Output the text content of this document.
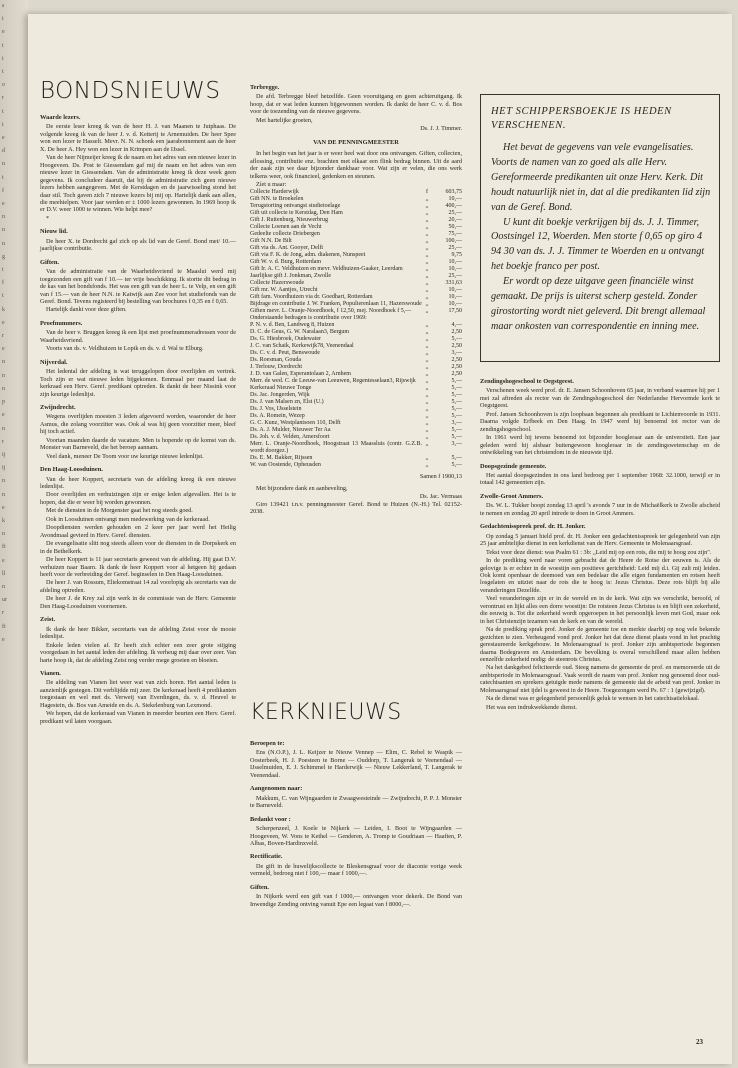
s
t
e
t
t
t
o
r
t
t
e
d
n
t
f
e
n
n
n
g
t
f
t
k
e
r
e
n
n
n
p
e
n
r
ij
ij
n
n
e
k
n
ft
e
ll
n
ur
r
ft
e
BONDSNIEUWS
Waarde lezers.

De eerste leser kreeg ik van de heer H. J. van Maanen te Jutphaas. De volgende kreeg ik van de heer J. v. d. Ketterij te Arnemuiden. De heer Spee won een lezer te Hasselt. Mevr. N. N. schonk een jaarabonnement aan de heer X. De heer A. Hey won een lezer in Krimpen aan de IJssel.

Van de heer Nijmeijer kreeg ik de naam en het adres van een nieuwe lezer in Hoogeveen. Ds. Post te Giessendam gaf mij de naam en het adres van een nieuwe lezer in Giessendam. Van de administratie kreeg ik deze week geen gegevens. Ik concludeer daaruit, dat bij de administratie zich geen nieuwe lezers hebben aangegeven. Met de Kerstdagen en de jaarwisseling stond het daar stil. Toch gaven zich 7 nieuwe lezers bij mij op. Hartelijk dank aan allen, die meehielpen. Voor jaar werden er ± 1000 lezers gewonnen. In 1969 hoop ik er D.V. weer 1000 te winnen. Wie helpt mee?

*

Nieuw lid.

De heer X. te Dordrecht gaf zich op als lid van de Geref. Bond met/ 10.— jaarlijkse contributie.

Giften.

Van de administratie van de Waarheidsvriend te Maaslui werd mij toegezonden een gift van f 10.— ter vrije beschikking. Ik stortte dit bedrag in de kas van het bondsfonds. Het was een gift van de heer L. te Velp, en een gift van f 15.— van de heer N.N. te Katwijk aan Zee voor het studiefonds van de Geref. Bond. Tevens registeerd bij bestelling van brochures f 0,35 en f 0,65.

Hartelijk dankt voor deze giften.

Proefnummers.

Van de heer v. Bruggen kreeg ik een lijst met proefnummeradressen voor de Waarheidsvriend.

Voorts van ds. v. Veldhuizen te Lopik en ds. v. d. Wal te Elburg.

Nijverdal.

Het ledental der afdeling is wat teruggelopen door overlijden en vertrek. Toch zijn er wat nieuwe leden bijgekomen. Eenmaal per maand laat de kerkraad een Herv. Geref. predikant optreden. Ik dankt de heer Nissink voor zijn keurige ledenlijst.

Zwijndrecht.

Wegens overlijden moesten 3 leden afgevoerd worden, waaronder de heer Asmus, die zolang voorzitter was. Ook al was hij geen voorzitter meer, bleef hij toch actief.

Voortan maanden daarde de vacature. Men is hopende op de komst van ds. Monster van Barneveld, die het beroep aannam.

Veel dank, meneer De Toom voor uw keurige nieuwe ledenlijst.

Den Haag-Loosduinen.

Van de heer Koppert, secretaris van de afdeling kreeg ik een nieuwe ledenlijst.

Door overlijden en verhuizingen zijn er enige leden afgevallen. Het is te hopen, dat die er weer bij worden gewonnen.

Met de diensten in de Morgenster gaat het nog steeds goed.

Ook in Loosduinen ontvangt men medewerking van de kerkeraad.

Doopdiensten werden gehouden en 2 keer per jaar werd het Heilig Avondmaal gevierd in Herv. Geref. diensten.

De evangelisatie slitt nog steeds alleen voor de diensten in de Dorpskerk en in de Bethelkerk.

De heer Koppert is 11 jaar secretaris geweest van de afdeling. Hij gaat D.V. verhuizen naar Baarn. Ik dank de heer Koppert voor al hetgeen hij gedaan heeft voor de verbreiding der Geref. beginselen in Den Haag-Loosduinen.

De heer J. van Rossum, Eliekomstraat 14 zal voorlopig als secretaris van de afdeling optreden.

De heer J. de Krey zal zijn werk in de commissie van de Herv. Gemeente Den Haag-Loosduinen voornemen.

Zeist.

Ik dank de heer Bikker, secretaris van de afdeling Zeist voor de mooie ledenlijst.

Enkele leden vielen af. Er heeft zich echter een zeer grote stijging voorgedaan in het aantal leden der afdeling. Ik verheug mij daar over zeer. Van harte hoop ik, dat de afdeling Zeist nog verder mege groeien en bloeien.

Vianen.

De afdeling van Vianen liet weer wat van zich horen. Het aantal leden is aanzienlijk gestegen. Dit verblijdde mij zeer. De kerkeraad heeft 4 predikanten toegestaan en wel met ds. Verweij van Everdingen, ds. v. d. Heuvel te Hagestein, ds. Bos van Ameide en ds. A. Stekelenburg van Lexmond.

We hopen, dat de kerkeraad van Vianen in meerder beurten een Herv. Geref. predikant wil laten voorgaan.

Terbregge.

De afd. Terbregge bleef hetzelfde. Geen vooruitgang en geen achteruitgang. Ik hoop, dat er wat leden kunnen bijgewonnen worden. Ik dankt de heer C. v. d. Bos voor de toezending van de nieuwe gegevens.

Met hartelijke groeten,

Ds. J. J. Timmer.
VAN DE PENNINGMEESTER

In het begin van het jaar is er weer heel wat door ons ontvangen. Giften, collecten, aflossing, contributie enz. brachten met elkaar een flink bedrag binnen. Uit de aard der zaak zijn we daar bijzonder dankbaar voor. Wat zijn er velen, die ons werk telkens weer, ook financieel, gedenken en steunen.

Zíet u maar:

Collecte Harderwijk	f	603,75
Gift NN. te Broekelen	,,	10,—
Terugstorting ontvangst studietoelage	,,	400,—
Gift uit collecte te Kerstdag, Den Ham	,,	25,—
Gift J. Ruitenburg, Nieuwerbrug	,,	20,—
Collecte Loenen aan de Vecht	,,	50,—
Gedeelte collecte Driebergen	,,	75,—
Gift N.N. De Bilt	,,	100,—
Gift via ds. Ant. Gooyer, Delft	,,	25,—
Gift via F. K. de Jong, adm. diakenen, Nunspeet	,,	9,75
Gift W. v. d. Burg, Rotterdam	,,	10,—
Gift Ir. A. C. Veldhuizen en mevr. Veldhuizen-Gaaker, Leerdam	,,	10,—
Jaarlijkse gift J. Jonkman, Zwolle	,,	25,—
Collecte Hazerswoude	,,	331,63
Gift mr. W. Aantjes, Utrecht	,,	10,—
Gift fam. Voordhuizen via dr. Goedhart, Rotterdam	,,	10,—
Bijdrage en contributie J. W. Franken, Populierenlaan 11, Hazerswoude	,,	10,—
Giften mevr. L. Oranje-Noordhoek, f 12,50, mej. Noordhoek f 5,—	,,	17,50
Onderstaande bedragen is contributie over 1969:		
P. N. v. d. Ben, Landweg 8, Huizen	,,	4,—
D. C. de Geus, G. W. Naralaan3, Bergum	,,	2,50
Ds. G. Hiesbroek, Oudewater	,,	5,—
J. C. van Schaik, Kerkewijk78, Veenendaal	,,	2,50
Ds. C. v. d. Peut, Benswoude	,,	3,—
Ds. Roesman, Gouda	,,	2,50
J. Terlouw, Dordrecht	,,	2,50
J. D. van Galen, Esperantolaan 2, Arnhem	,,	2,50
Merr. de wed. C. de Leeuw-van Leeuwen, Regentesselaan3, Rijswijk	,,	5,—
Kerkeraad Nieuwe Tonge	,,	5,—
Ds. Jac. Jongerden, Wijk	,,	5,—
Ds. J. van Malsen zn, Elst (U.)	,,	5,—
Ds. J. Vos, IJsselstein	,,	5,—
Ds. A. Romein, Wezep	,,	5,—
G. C. Kunz, Westplantsoen 110, Delft	,,	3,—
Ds. A. J. Mulder, Nieuwer Ter Aa	,,	5,—
Ds. Joh. v. d. Velden, Amersfoort	,,	5,—
Merr. L. Oranje-Noordhoek, Hoogstraat 13 Maassluis (contr. G.Z.B. wordt doorgez.)	,,	3,—
Ds. E. M. Bakker, Rijssen	,,	5,—
W. van Oostende, Opheusden	,,	5,—
Samen f 1900,13

Met bijzondere dank en aanbeveling,

Ds. Jac. Vermaas

Giro 139421 t.n.v. penningmeester Geref. Bond te Huizen (N.-H.) Tel. 02152-2038.

KERKNIEUWS
Beroepen te:

Ens (N.O.P.), J. L. Keijzer te Nieuw Vennep — Elim, C. Rebel te Waspik — Oosterbeek, H. J. Poesteen te Borne — Ouddorp, T. Langerak te Veenendaal — IJsselmuiden, E. J. Schimmel te Harderwijk — Nieuw Lekkerland, T. Langerak te Veenendaal.

Aangenomen naar:

Makkum, C. van Wijngaarden te Zwaagwesteinde — Zwijndrecht, P. P. J. Monster te Barneveld.

Bedankt voor :

Scherpenzeel, J. Koele te Nijkerk — Leiden, I. Boot te Wijngaarden — Hoogeveen, W. Vons te Kethel — Genderen, A. Tromp te Goudriaan — Haaften, P. Albas, Boven-Hardinxveld.

Rectificatie.

De gift in de huwelijkscollecte te Bleskensgraaf voor de diaconie vorige week vermeld, bedroeg niet f 100,— maar f 1000,—.

Giften.

In Nijkerk werd een gift van f 1000,— ontvangen voor dekerk. De Bond van Inwendige Zending ontving vanuit Epe een legaat van f 8000,—.

HET SCHIPPERSBOEKJE IS HEDEN VERSCHENEN.

Het bevat de gegevens van vele evangelisaties. Voorts de namen van zo goed als alle Herv. Gereformeerde predikanten uit onze Herv. Kerk. Dit houdt natuurlijk niet in, dat al die predikanten lid zijn van de Geref. Bond.

U kunt dit boekje verkrijgen bij ds. J. J. Timmer, Oostsingel 12, Woerden. Men storte f 0,65 op giro 4 94 30 van ds. J. J. Timmer te Woerden en u ontvangt het boekje franco per post.

Er wordt op deze uitgave geen financiële winst gemaakt. De prijs is uiterst scherp gesteld. Zonder girostorting wordt niet geleverd. Dit brengt allemaal maar onkosten van correspondentie en inning mee.

Zendingshogeschool te Oegstgeest.

Verschenen week werd prof. dr. E. Jansen Schoonhoven 65 jaar, in verband waarmee hij per 1 mei zal aftreden als rector van de Zendingshogeschool der Nederlandse Hervormde kerk te Oegstgeest.

Prof. Jansen Schoonhoven is zijn loopbaan begonnen als predikant te Lichtenvoorde in 1931. Daarna volgde Erfbeek en Den Haag. In 1947 werd hij benoemd tot rector van de zendingshogeschool.

In 1961 werd hij tevens benoemd tot bijzonder hoogleraar aan de universiteit. Een jaar geleden werd hij alsbaar buitengewoon hoogleraar in de zendingswetenschap en de ontwikkeling van het christendom in de nieuwste tijd.

Doopsgezinde gemeente.

Het aantal doopsgezinden in ons land bedroeg per 1 september 1968: 32.1000, terwijl er in totaal 142 gemeenten zijn.

Zwolle-Groot Ammers.

Ds. W. L. Tukker hoopt zondag 13 april 's avonds 7 uur in de Michaëlkerk te Zwolle afscheid te nemen en zondag 20 april intrede te doen in Groot Ammers.

Gedachtenisspreek prof. dr. H. Jonker.

Op zondag 5 januari hield prof. dr. H. Jonker een gedachtenisspreek ter gelegenheid van zijn 25 jaar ambtelijke dienst in een kerkdienst van de Herv. Gemeente te Molenaarsgraaf.

Tekst voor deze dienst: was Psalm 61 : 3b: „Leid mij op een rots, die mij te hoog zou zijn".

In de prediking werd naar voren gebracht dat de Heere de Rotse der eeuwen is. Als de gelovige is er echter in de woestijn een positieve gerichtheid: Leid mij d.i. Gij zult mij leiden. Ook komt openbaar de deemoed van een bedelaar die alle eigen fundamenten en rotsen heeft losgelaten en uitziet naar de rots die te hoog is: Jezus Christus. Deze rots blijft bij alle veranderingen Dezelfde.

Veel veranderingen zijn er in de wereld en in de kerk. Wat zijn we verschrikt, beroofd, of verontrust en lijkt alles een dorre woestijn: De rotsteen Jezus Christus is en blijft een zekerheid, die eeuwig is. Tot die zekerheid wordt opgeroepen in het persoonlijk leven met God, maar ook in het Christenzijn tezamen van de kerk en van de wereld.

Na de prediking sprak prof. Jonker de gemeente toe en merkte daarbij op nog vele bekende gezichten te zien. Verheugend vond prof. Jonker het dat deze dienst plaats vond in het prachtig gerestaureerde kerkgebouw. In Molenaarsgraaf is prof. Jonker zijn ambtsperiode begonnen daarna Bodegraven en Amsterdam. De bevolking is overal verschillend maar allen hebben eenzelfde zekerheid nodig: de steenrots Christus.

Na het dankgebed feliciteerde oud. Steeg namens de gemeente de prof. en memoreerde uit de ambtsperiode in Molenaarsgraaf. Vaak wordt de naam van prof. Jonker nog genoemd door oud-catechisanten en sprekers getuigde mede namens de gemeente dat de arbeid van prof. Jonker in Molenaarsgraaf niet ijdel is geweest in de Heere. Toegezongen werd Ps. 67 : 1 (gewijzigd).

Na de dienst was er gelegenheid persoonlijk geluk te wensen in het catechisatielokaal.

Het was een indrukwekkende dienst.

23
